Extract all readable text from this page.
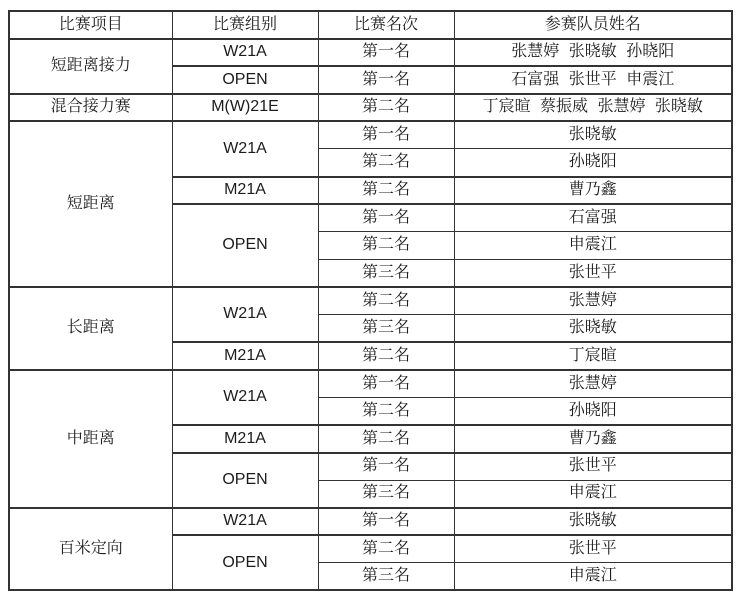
比赛项目	比赛组别	比赛名次	参赛队员姓名
短距离接力	W21A	第一名	张慧婷 张晓敏 孙晓阳
	OPEN	第一名	石富强 张世平 申震江
混合接力赛	M(W)21E	第二名	丁宸暄 蔡振威 张慧婷 张晓敏
短距离	W21A	第一名	张晓敏
		第二名	孙晓阳
	M21A	第二名	曹乃鑫
	OPEN	第一名	石富强
		第二名	申震江
		第三名	张世平
长距离	W21A	第二名	张慧婷
		第三名	张晓敏
	M21A	第二名	丁宸暄
中距离	W21A	第一名	张慧婷
		第二名	孙晓阳
	M21A	第二名	曹乃鑫
	OPEN	第一名	张世平
		第三名	申震江
百米定向	W21A	第一名	张晓敏
	OPEN	第二名	张世平
		第三名	申震江
